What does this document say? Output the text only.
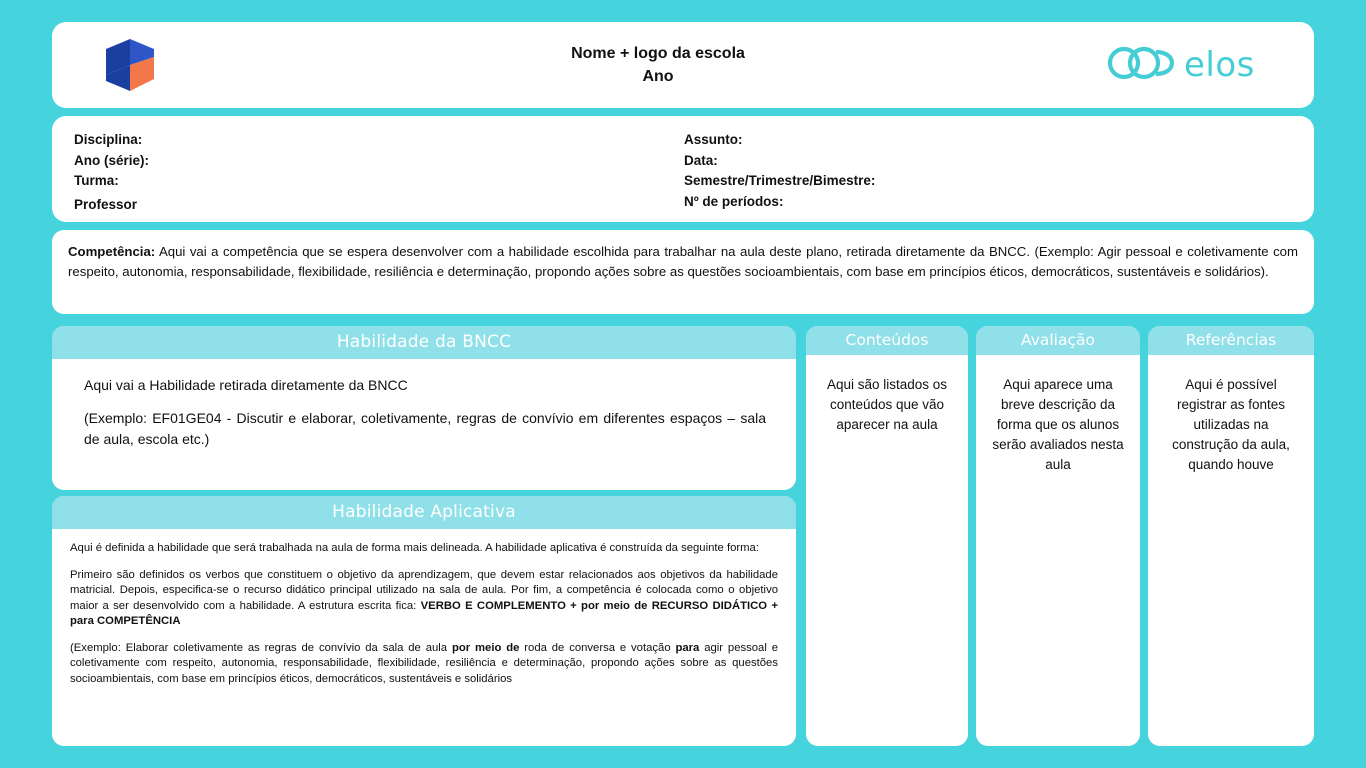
Nome + logo da escola
Ano	elos
Disciplina:
Ano (série):
Turma:
Professor
Assunto:
Data:
Semestre/Trimestre/Bimestre:
Nº de períodos:
Competência: Aqui vai a competência que se espera desenvolver com a habilidade escolhida para trabalhar na aula deste plano, retirada diretamente da BNCC. (Exemplo: Agir pessoal e coletivamente com respeito, autonomia, responsabilidade, flexibilidade, resiliência e determinação, propondo ações sobre as questões socioambientais, com base em princípios éticos, democráticos, sustentáveis e solidários).
Habilidade da BNCC

Aqui vai a Habilidade retirada diretamente da BNCC

(Exemplo: EF01GE04 - Discutir e elaborar, coletivamente, regras de convívio em diferentes espaços – sala de aula, escola etc.)

Habilidade Aplicativa

Aqui é definida a habilidade que será trabalhada na aula de forma mais delineada. A habilidade aplicativa é construída da seguinte forma:

Primeiro são definidos os verbos que constituem o objetivo da aprendizagem, que devem estar relacionados aos objetivos da habilidade matricial. Depois, especifica-se o recurso didático principal utilizado na sala de aula. Por fim, a competência é colocada como o objetivo maior a ser desenvolvido com a habilidade. A estrutura escrita fica: VERBO E COMPLEMENTO + por meio de RECURSO DIDÁTICO + para COMPETÊNCIA

(Exemplo: Elaborar coletivamente as regras de convívio da sala de aula por meio de roda de conversa e votação para agir pessoal e coletivamente com respeito, autonomia, responsabilidade, flexibilidade, resiliência e determinação, propondo ações sobre as questões socioambientais, com base em princípios éticos, democráticos, sustentáveis e solidários

Conteúdos
Aqui são listados os conteúdos que vão aparecer na aula
Avaliação
Aqui aparece uma breve descrição da forma que os alunos serão avaliados nesta aula
Referências
Aqui é possível registrar as fontes utilizadas na construção da aula, quando houve
